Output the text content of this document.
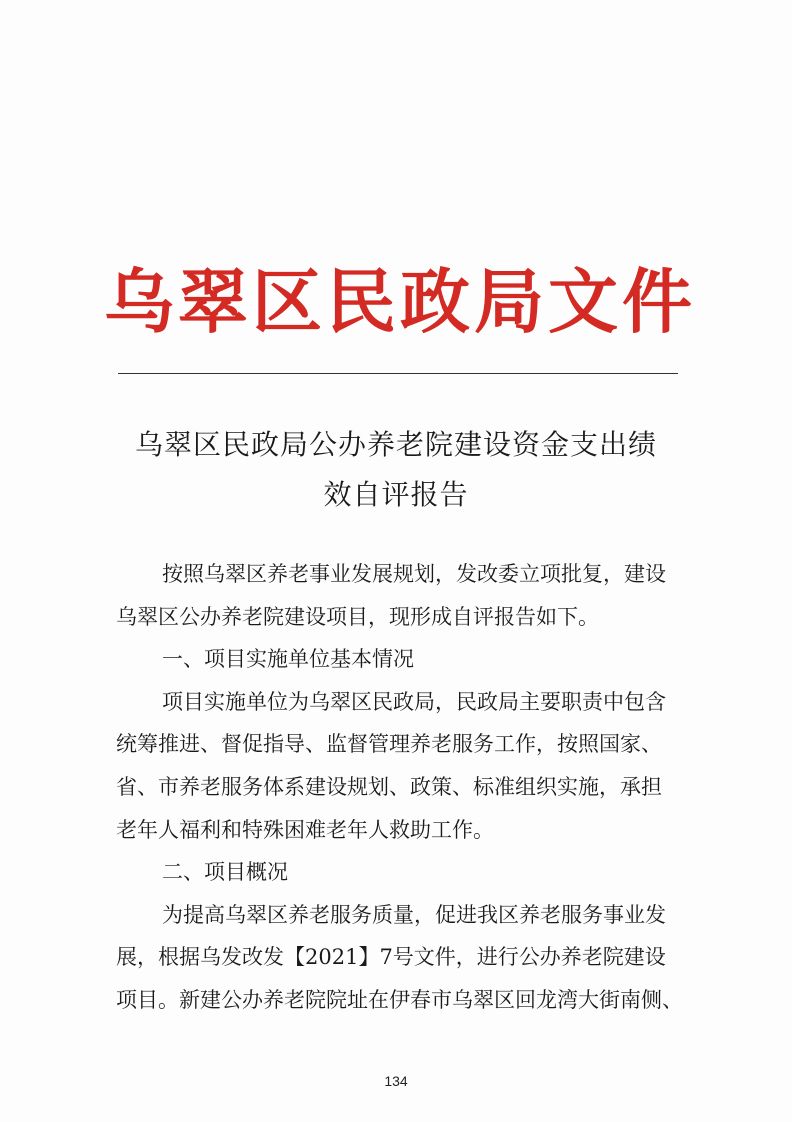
乌翠区民政局文件
乌翠区民政局公办养老院建设资金支出绩
效自评报告
按照乌翠区养老事业发展规划，发改委立项批复，建设
乌翠区公办养老院建设项目，现形成自评报告如下。
一、项目实施单位基本情况
项目实施单位为乌翠区民政局，民政局主要职责中包含
统筹推进、督促指导、监督管理养老服务工作，按照国家、
省、市养老服务体系建设规划、政策、标准组织实施，承担
老年人福利和特殊困难老年人救助工作。
二、项目概况
为提高乌翠区养老服务质量，促进我区养老服务事业发
展，根据乌发改发【2021】7号文件，进行公办养老院建设
项目。新建公办养老院院址在伊春市乌翠区回龙湾大街南侧、
134
